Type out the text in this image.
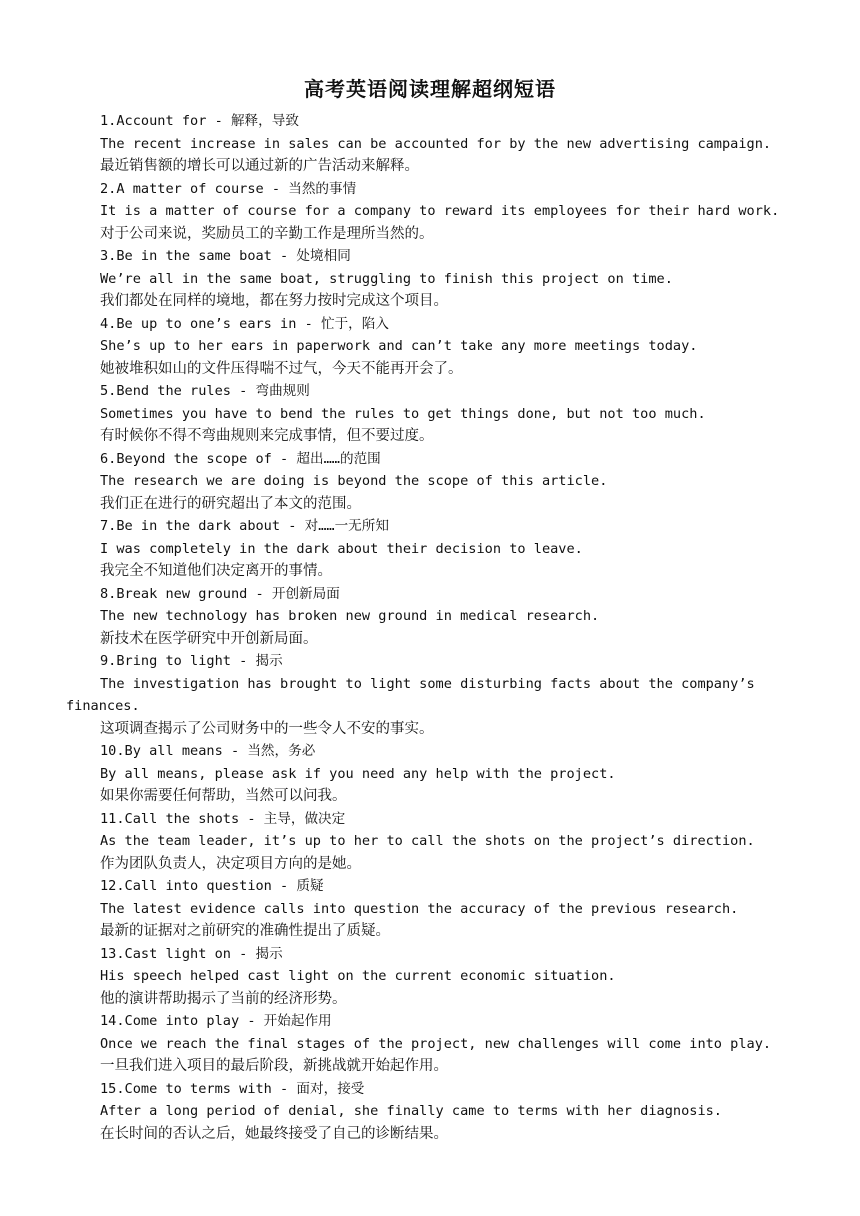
高考英语阅读理解超纲短语
1.Account for - 解释，导致
The recent increase in sales can be accounted for by the new advertising campaign.
最近销售额的增长可以通过新的广告活动来解释。
2.A matter of course - 当然的事情
It is a matter of course for a company to reward its employees for their hard work.
对于公司来说，奖励员工的辛勤工作是理所当然的。
3.Be in the same boat - 处境相同
We’re all in the same boat, struggling to finish this project on time.
我们都处在同样的境地，都在努力按时完成这个项目。
4.Be up to one’s ears in - 忙于，陷入
She’s up to her ears in paperwork and can’t take any more meetings today.
她被堆积如山的文件压得喘不过气，今天不能再开会了。
5.Bend the rules - 弯曲规则
Sometimes you have to bend the rules to get things done, but not too much.
有时候你不得不弯曲规则来完成事情，但不要过度。
6.Beyond the scope of - 超出……的范围
The research we are doing is beyond the scope of this article.
我们正在进行的研究超出了本文的范围。
7.Be in the dark about - 对……一无所知
I was completely in the dark about their decision to leave.
我完全不知道他们决定离开的事情。
8.Break new ground - 开创新局面
The new technology has broken new ground in medical research.
新技术在医学研究中开创新局面。
9.Bring to light - 揭示
The investigation has brought to light some disturbing facts about the company’s finances.
这项调查揭示了公司财务中的一些令人不安的事实。
10.By all means - 当然，务必
By all means, please ask if you need any help with the project.
如果你需要任何帮助，当然可以问我。
11.Call the shots - 主导，做决定
As the team leader, it’s up to her to call the shots on the project’s direction.
作为团队负责人，决定项目方向的是她。
12.Call into question - 质疑
The latest evidence calls into question the accuracy of the previous research.
最新的证据对之前研究的准确性提出了质疑。
13.Cast light on - 揭示
His speech helped cast light on the current economic situation.
他的演讲帮助揭示了当前的经济形势。
14.Come into play - 开始起作用
Once we reach the final stages of the project, new challenges will come into play.
一旦我们进入项目的最后阶段，新挑战就开始起作用。
15.Come to terms with - 面对，接受
After a long period of denial, she finally came to terms with her diagnosis.
在长时间的否认之后，她最终接受了自己的诊断结果。
